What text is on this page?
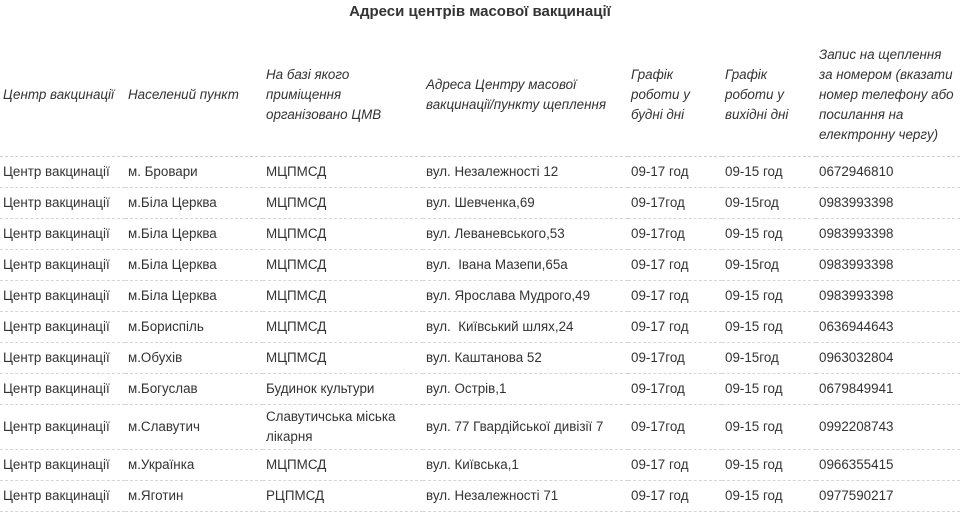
Адреси центрів масової вакцинації
Центр вакцинації	Населений пункт	На базі якого приміщення організовано ЦМВ	Адреса Центру масової вакцинації/пункту щеплення	Графік роботи у будні дні	Графік роботи у вихідні дні	Запис на щеплення за номером (вказати номер телефону або посилання на електронну чергу)
Центр вакцинації	м. Бровари	МЦПМСД	вул. Незалежності 12	09-17 год	09-15 год	0672946810
Центр вакцинації	м.Біла Церква	МЦПМСД	вул. Шевченка,69	09-17год	09-15год	0983993398
Центр вакцинації	м.Біла Церква	МЦПМСД	вул. Леваневського,53	09-17год	09-15 год	0983993398
Центр вакцинації	м.Біла Церква	МЦПМСД	вул.  Івана Мазепи,65а	09-17 год	09-15год	0983993398
Центр вакцинації	м.Біла Церква	МЦПМСД	вул. Ярослава Мудрого,49	09-17 год	09-15 год	0983993398
Центр вакцинації	м.Бориспіль	МЦПМСД	вул.  Київський шлях,24	09-17 год	09-15 год	0636944643
Центр вакцинації	м.Обухів	МЦПМСД	вул. Каштанова 52	09-17год	09-15год	0963032804
Центр вакцинації	м.Богуслав	Будинок культури	вул. Острів,1	09-17год	09-15 год	0679849941
Центр вакцинації	м.Славутич	Славутичська міська лікарня	вул. 77 Гвардійської дивізії 7	09-17год	09-15 год	0992208743
Центр вакцинації	м.Українка	МЦПМСД	вул. Київська,1	09-17 год	09-15 год	0966355415
Центр вакцинації	м.Яготин	РЦПМСД	вул. Незалежності 71	09-17 год	09-15 год	0977590217
